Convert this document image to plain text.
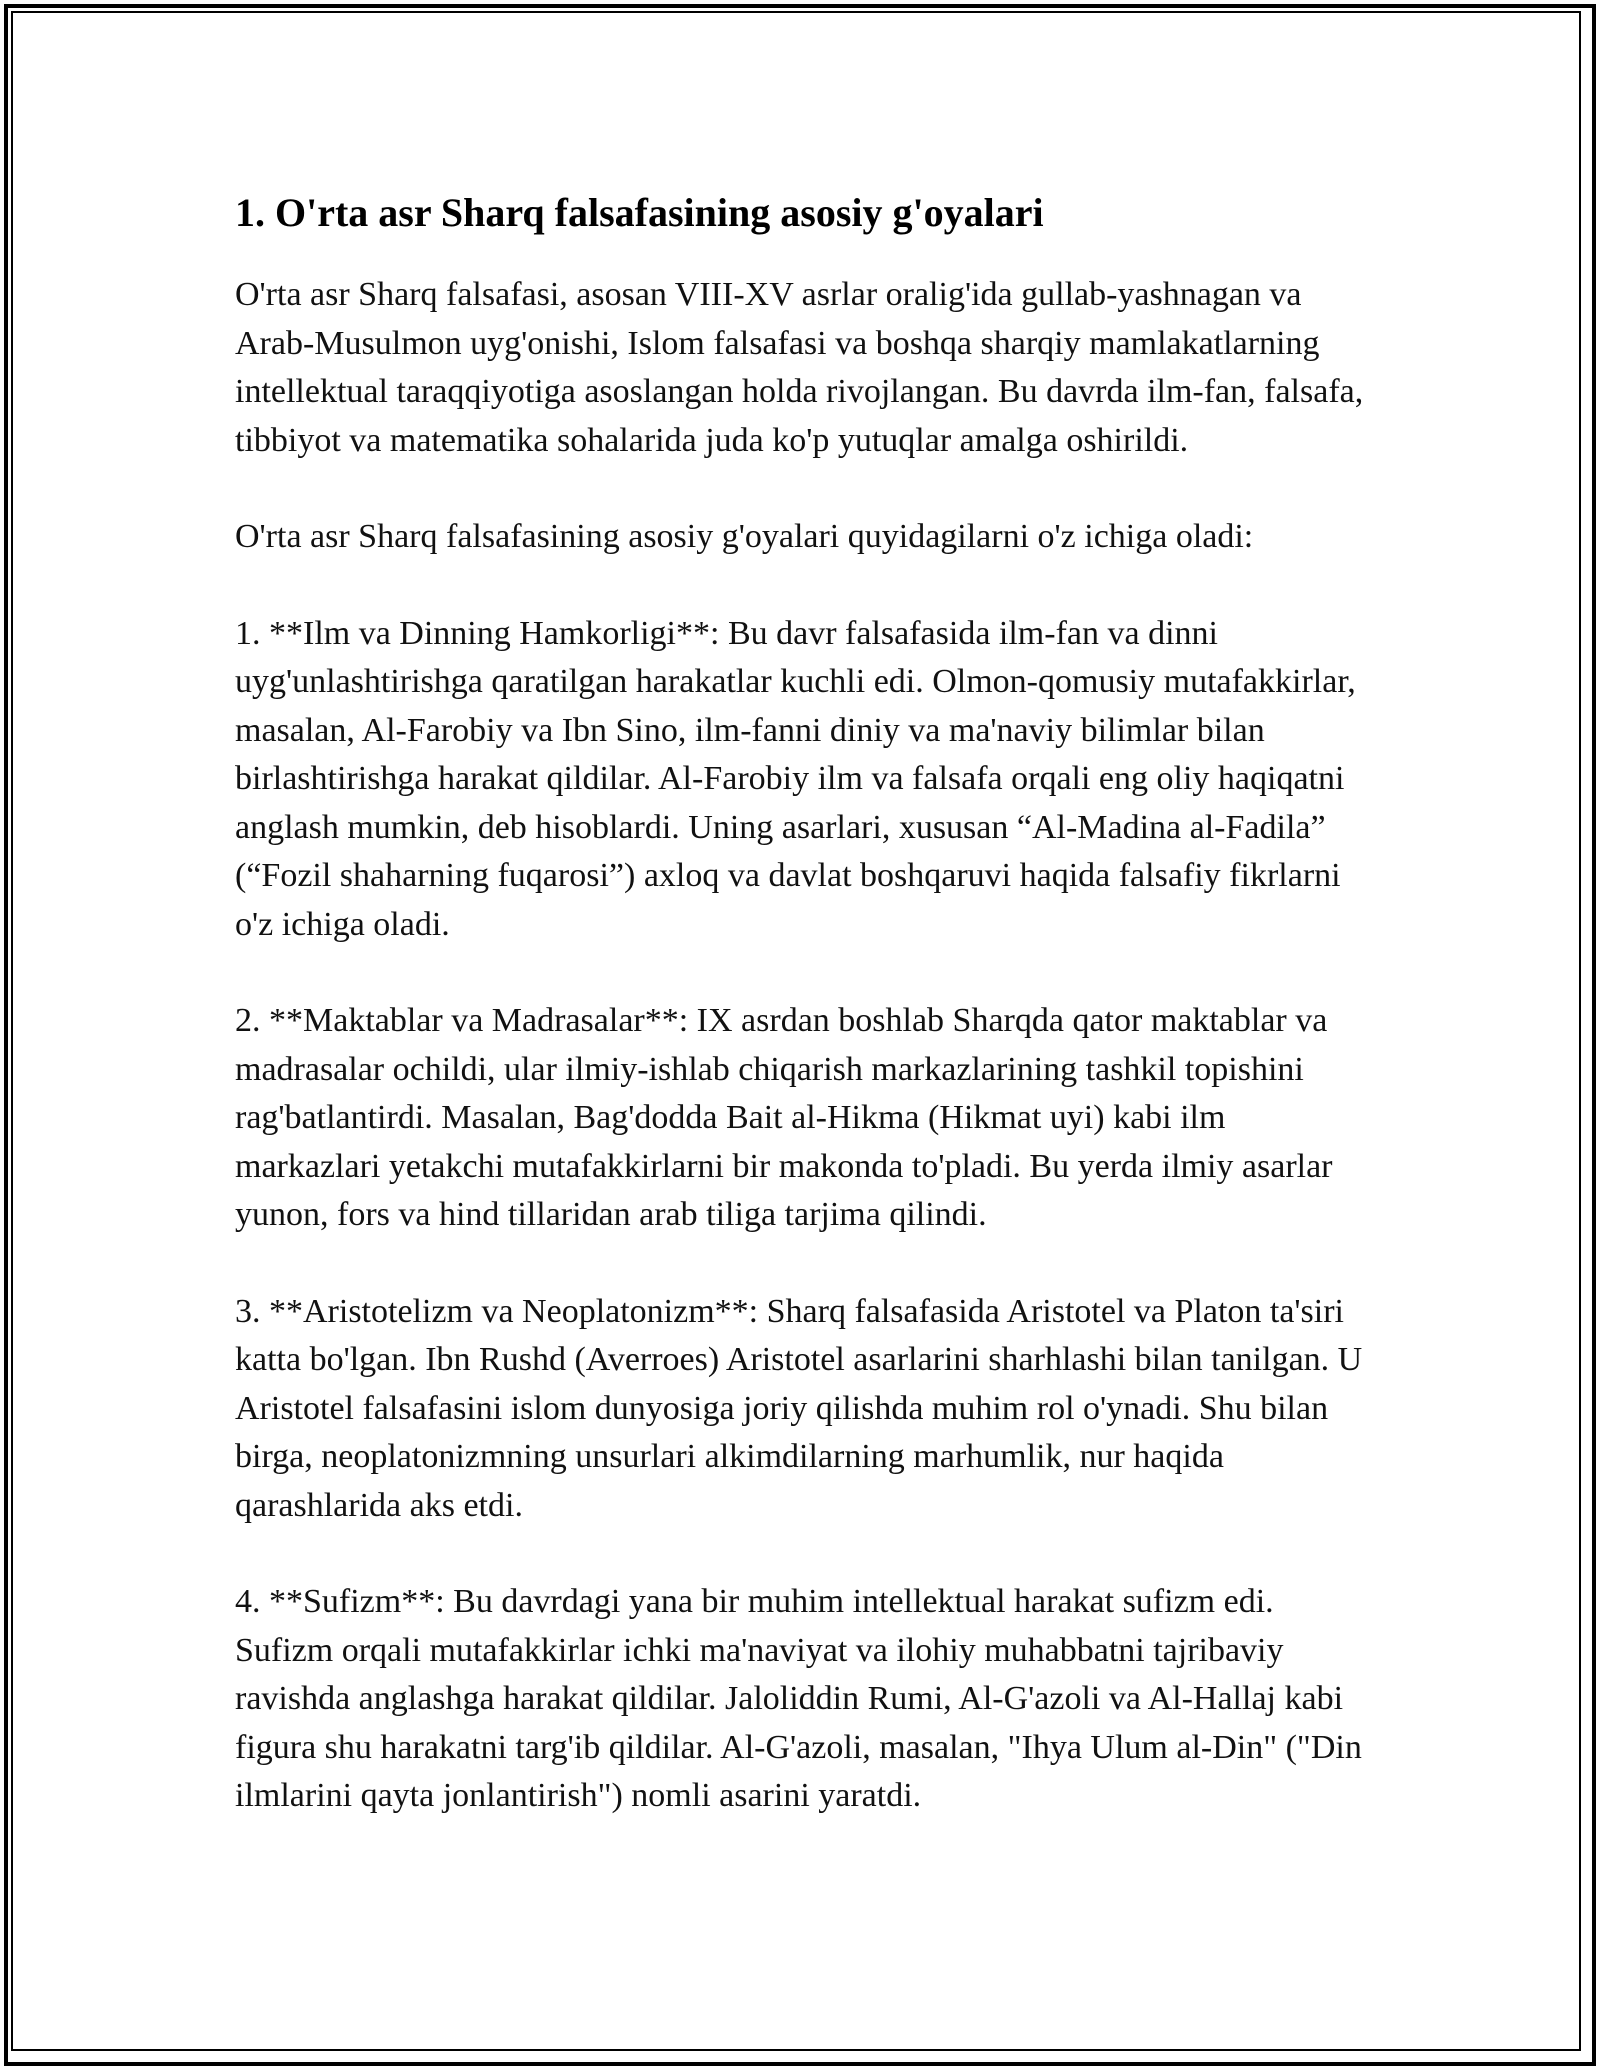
1. O'rta asr Sharq falsafasining asosiy g'oyalari

O'rta asr Sharq falsafasi, asosan VIII-XV asrlar oralig'ida gullab-yashnagan va Arab-Musulmon uyg'onishi, Islom falsafasi va boshqa sharqiy mamlakatlarning intellektual taraqqiyotiga asoslangan holda rivojlangan. Bu davrda ilm-fan, falsafa, tibbiyot va matematika sohalarida juda ko'p yutuqlar amalga oshirildi.

O'rta asr Sharq falsafasining asosiy g'oyalari quyidagilarni o'z ichiga oladi:

1. **Ilm va Dinning Hamkorligi**: Bu davr falsafasida ilm-fan va dinni uyg'unlashtirishga qaratilgan harakatlar kuchli edi. Olmon-qomusiy mutafakkirlar, masalan, Al-Farobiy va Ibn Sino, ilm-fanni diniy va ma'naviy bilimlar bilan birlashtirishga harakat qildilar. Al-Farobiy ilm va falsafa orqali eng oliy haqiqatni anglash mumkin, deb hisoblardi. Uning asarlari, xususan “Al-Madina al-Fadila” (“Fozil shaharning fuqarosi”) axloq va davlat boshqaruvi haqida falsafiy fikrlarni o'z ichiga oladi.

2. **Maktablar va Madrasalar**: IX asrdan boshlab Sharqda qator maktablar va madrasalar ochildi, ular ilmiy-ishlab chiqarish markazlarining tashkil topishini rag'batlantirdi. Masalan, Bag'dodda Bait al-Hikma (Hikmat uyi) kabi ilm markazlari yetakchi mutafakkirlarni bir makonda to'pladi. Bu yerda ilmiy asarlar yunon, fors va hind tillaridan arab tiliga tarjima qilindi.

3. **Aristotelizm va Neoplatonizm**: Sharq falsafasida Aristotel va Platon ta'siri katta bo'lgan. Ibn Rushd (Averroes) Aristotel asarlarini sharhlashi bilan tanilgan. U Aristotel falsafasini islom dunyosiga joriy qilishda muhim rol o'ynadi. Shu bilan birga, neoplatonizmning unsurlari alkimdilarning marhumlik, nur haqida qarashlarida aks etdi.

4. **Sufizm**: Bu davrdagi yana bir muhim intellektual harakat sufizm edi. Sufizm orqali mutafakkirlar ichki ma'naviyat va ilohiy muhabbatni tajribaviy ravishda anglashga harakat qildilar. Jaloliddin Rumi, Al-G'azoli va Al-Hallaj kabi figura shu harakatni targ'ib qildilar. Al-G'azoli, masalan, "Ihya Ulum al-Din" ("Din ilmlarini qayta jonlantirish") nomli asarini yaratdi.
